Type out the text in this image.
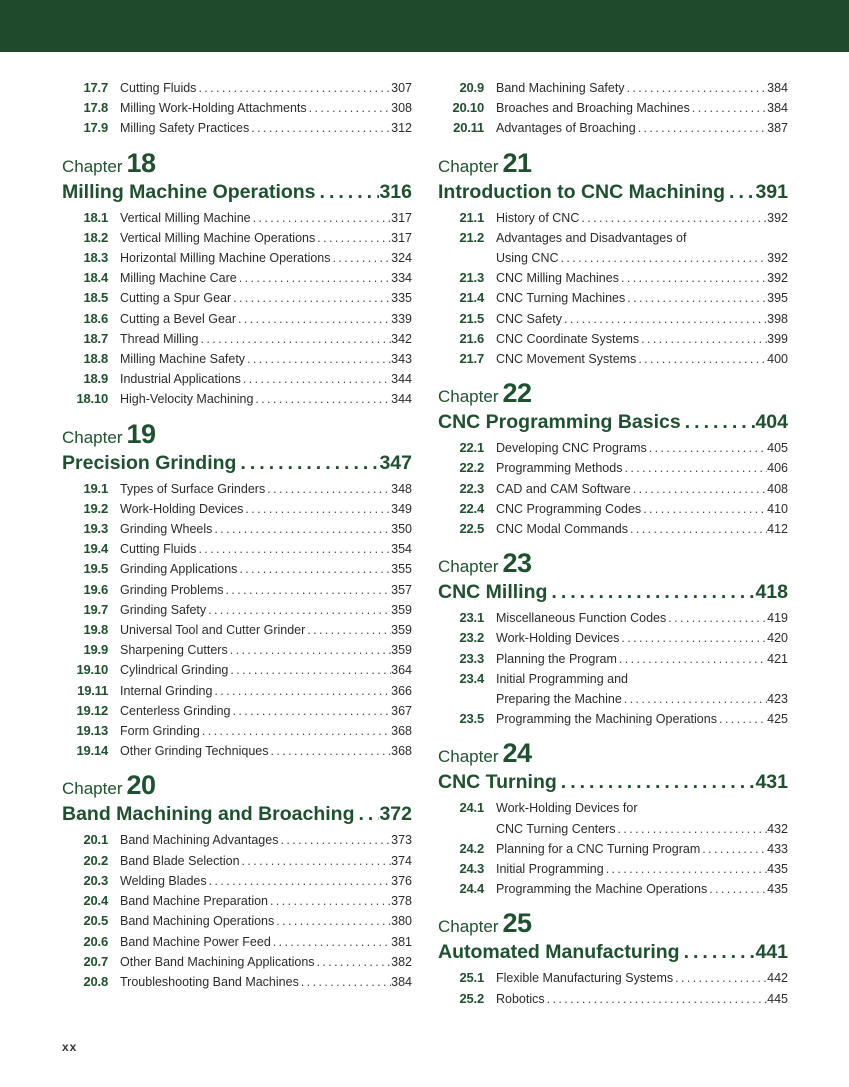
17.7 Cutting Fluids .....	307
17.8 Milling Work-Holding Attachments .....	308
17.9 Milling Safety Practices .....	312
Chapter 18
Milling Machine Operations .....	316
18.1 Vertical Milling Machine .....	317
18.2 Vertical Milling Machine Operations .....	317
18.3 Horizontal Milling Machine Operations .....	324
18.4 Milling Machine Care .....	334
18.5 Cutting a Spur Gear .....	335
18.6 Cutting a Bevel Gear .....	339
18.7 Thread Milling .....	342
18.8 Milling Machine Safety .....	343
18.9 Industrial Applications .....	344
18.10 High-Velocity Machining .....	344
Chapter 19
Precision Grinding .....	347
19.1 Types of Surface Grinders .....	348
19.2 Work-Holding Devices .....	349
19.3 Grinding Wheels .....	350
19.4 Cutting Fluids .....	354
19.5 Grinding Applications .....	355
19.6 Grinding Problems .....	357
19.7 Grinding Safety .....	359
19.8 Universal Tool and Cutter Grinder .....	359
19.9 Sharpening Cutters .....	359
19.10 Cylindrical Grinding .....	364
19.11 Internal Grinding .....	366
19.12 Centerless Grinding .....	367
19.13 Form Grinding .....	368
19.14 Other Grinding Techniques .....	368
Chapter 20
Band Machining and Broaching ..... 372
20.1 Band Machining Advantages .....	373
20.2 Band Blade Selection .....	374
20.3 Welding Blades .....	376
20.4 Band Machine Preparation .....	378
20.5 Band Machining Operations .....	380
20.6 Band Machine Power Feed .....	381
20.7 Other Band Machining Applications .....	382
20.8 Troubleshooting Band Machines .....	384
20.9 Band Machining Safety .....	384
20.10 Broaches and Broaching Machines .....	384
20.11 Advantages of Broaching .....	387
Chapter 21
Introduction to CNC Machining ..... 391
21.1 History of CNC .....	392
21.2 Advantages and Disadvantages of
Using CNC .....	392
21.3 CNC Milling Machines .....	392
21.4 CNC Turning Machines .....	395
21.5 CNC Safety .....	398
21.6 CNC Coordinate Systems .....	399
21.7 CNC Movement Systems .....	400
Chapter 22
CNC Programming Basics .....	404
22.1 Developing CNC Programs .....	405
22.2 Programming Methods .....	406
22.3 CAD and CAM Software .....	408
22.4 CNC Programming Codes .....	410
22.5 CNC Modal Commands .....	412
Chapter 23
CNC Milling .....	418
23.1 Miscellaneous Function Codes .....	419
23.2 Work-Holding Devices .....	420
23.3 Planning the Program .....	421
23.4 Initial Programming and
Preparing the Machine .....	423
23.5 Programming the Machining Operations .....	425
Chapter 24
CNC Turning .....	431
24.1 Work-Holding Devices for
CNC Turning Centers .....	432
24.2 Planning for a CNC Turning Program .....	433
24.3 Initial Programming .....	435
24.4 Programming the Machine Operations .....	435
Chapter 25
Automated Manufacturing .....	441
25.1 Flexible Manufacturing Systems .....	442
25.2 Robotics .....	445
xx
